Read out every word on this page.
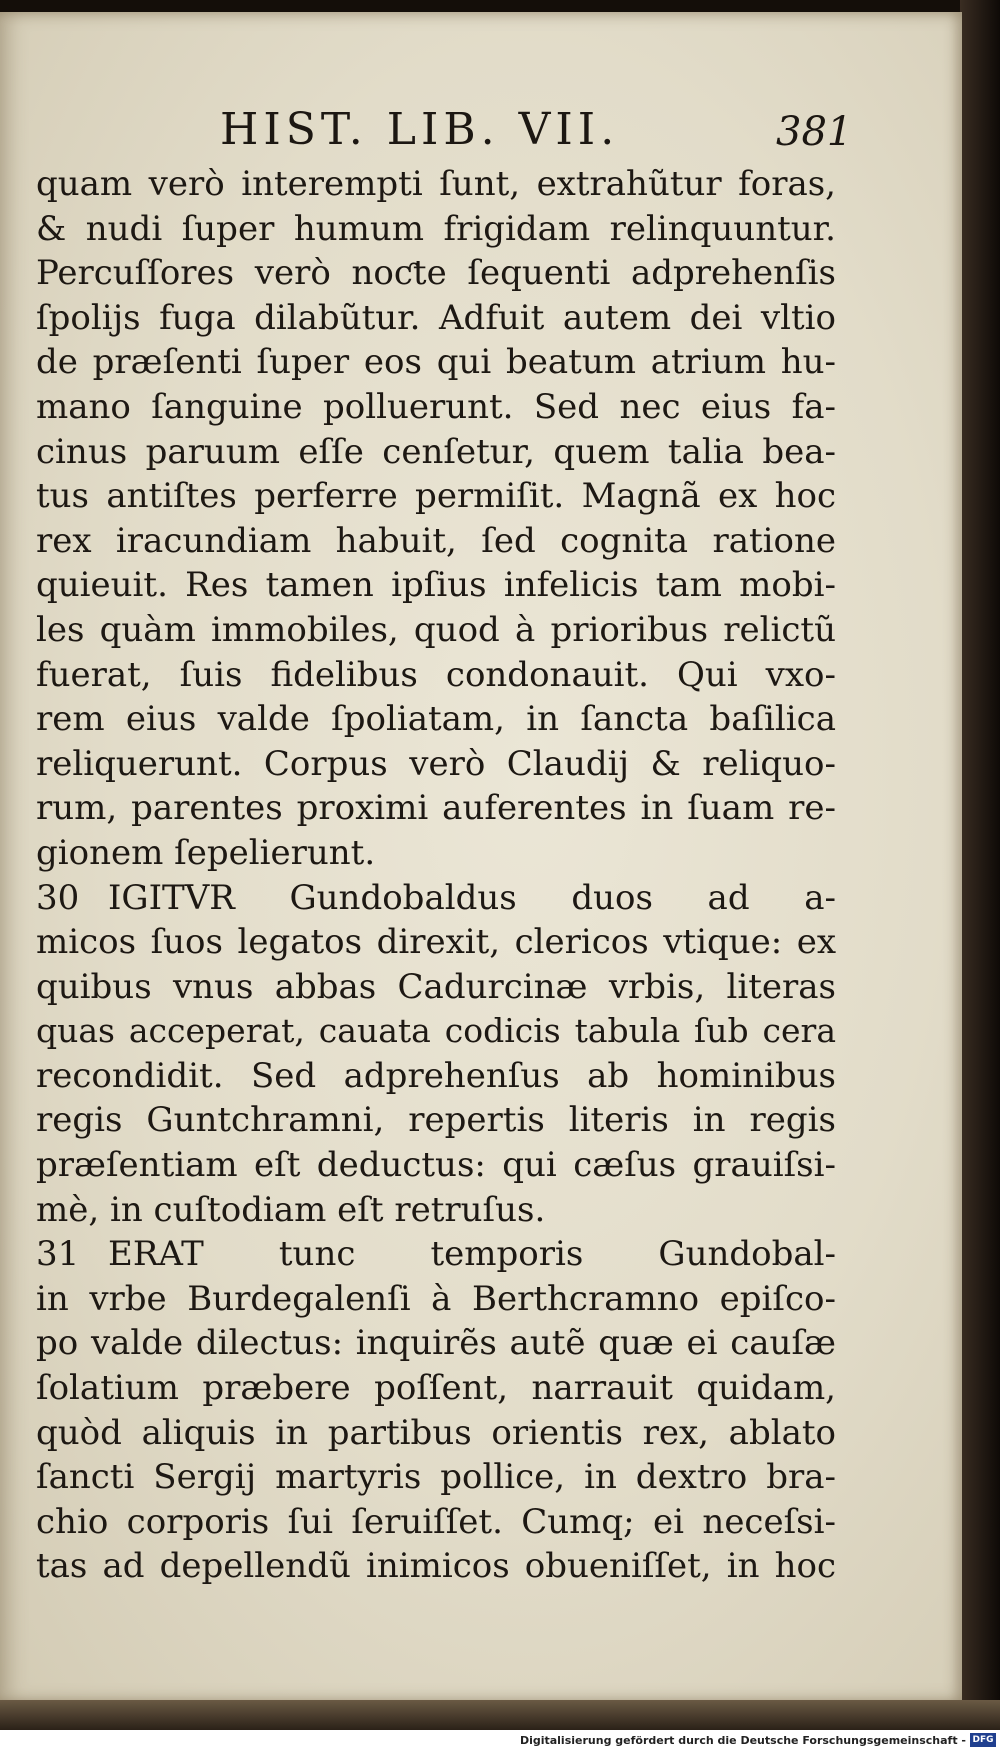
HIST. LIB. VII.	381
quam verò interempti ſunt, extrahũtur foras,
& nudi ſuper humum frigidam relinquuntur.
Percuſſores verò noƈte ſequenti adprehenſis
ſpolijs fuga dilabũtur. Adfuit autem dei vltio
de præſenti ſuper eos qui beatum atrium hu-
mano ſanguine polluerunt. Sed nec eius fa-
cinus paruum eſſe cenſetur, quem talia bea-
tus antiſtes perferre permiſit. Magnã ex hoc
rex iracundiam habuit, ſed cognita ratione
quieuit. Res tamen ipſius infelicis tam mobi-
les quàm immobiles, quod à prioribus relictũ
fuerat, ſuis fidelibus condonauit. Qui vxo-
rem eius valde ſpoliatam, in ſancta baſilica
reliquerunt. Corpus verò Claudij & reliquo-
rum, parentes proximi auferentes in ſuam re-
gionem ſepelierunt.
30 IGITVR Gundobaldus duos ad a-
micos ſuos legatos direxit, clericos vtique: ex
quibus vnus abbas Cadurcinæ vrbis, literas
quas acceperat, cauata codicis tabula ſub cera
recondidit. Sed adprehenſus ab hominibus
regis Guntchramni, repertis literis in regis
præſentiam eſt deductus: qui cæſus grauiſsi-
mè, in cuſtodiam eſt retruſus.
31 ERAT tunc temporis Gundobal-
in vrbe Burdegalenſi à Berthcramno epiſco-
po valde dilectus: inquirẽs autẽ quæ ei cauſæ
ſolatium præbere poſſent, narrauit quidam,
quòd aliquis in partibus orientis rex, ablato
ſancti Sergij martyris pollice, in dextro bra-
chio corporis ſui ſeruiſſet. Cumq; ei neceſsi-
tas ad depellendũ inimicos obueniſſet, in hoc
Digitalisierung gefördert durch die Deutsche Forschungsgemeinschaft - DFG
